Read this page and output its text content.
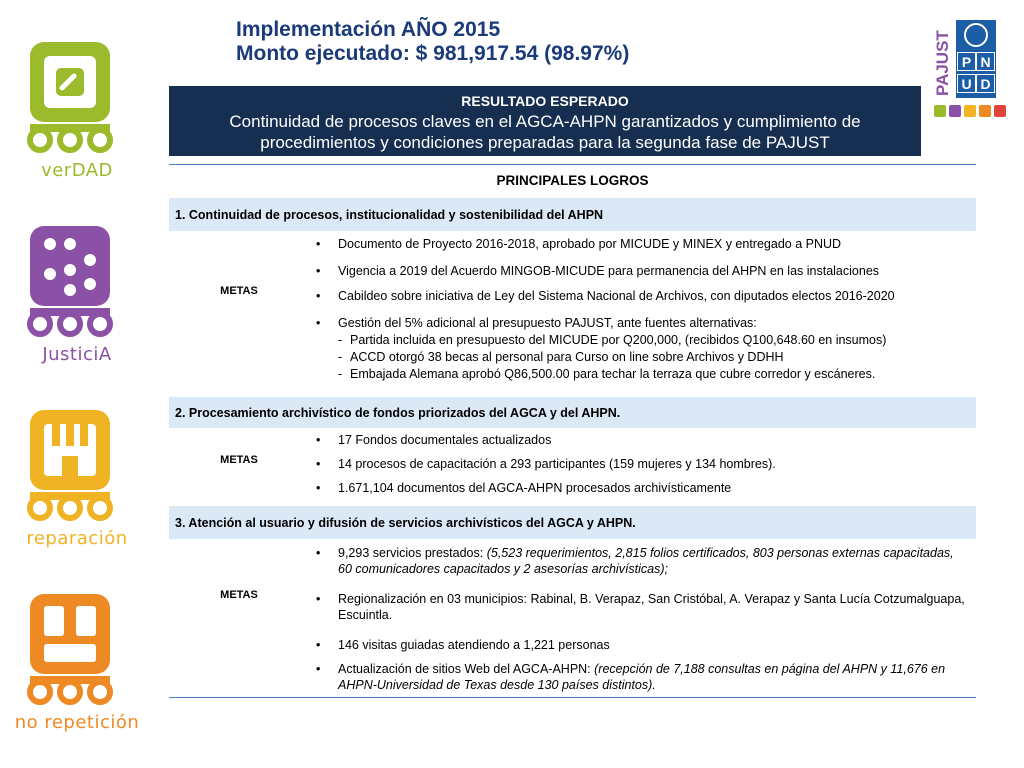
verDAD
JusticiA
reparación
no repetición
Implementación AÑO 2015
Monto ejecutado: $ 981,917.54 (98.97%)	PAJUST P N
U D
RESULTADO ESPERADO
Continuidad de procesos claves en el AGCA-AHPN garantizados y cumplimiento de procedimientos y condiciones preparadas para la segunda fase de PAJUST
PRINCIPALES LOGROS
1. Continuidad de procesos, institucionalidad y sostenibilidad del AHPN
METAS
• Documento de Proyecto 2016-2018, aprobado por MICUDE y MINEX y entregado a PNUD
• Vigencia a 2019 del Acuerdo MINGOB-MICUDE para permanencia del AHPN en las instalaciones
• Cabildeo sobre iniciativa de Ley del Sistema Nacional de Archivos, con diputados electos 2016-2020
• Gestión del 5% adicional al presupuesto PAJUST, ante fuentes alternativas:
- Partida incluida en presupuesto del MICUDE por Q200,000, (recibidos Q100,648.60 en insumos)
- ACCD otorgó 38 becas al personal para Curso on line sobre Archivos y DDHH
- Embajada Alemana aprobó Q86,500.00 para techar la terraza que cubre corredor y escáneres.
2. Procesamiento archivístico de fondos priorizados del AGCA y del AHPN.
METAS
• 17 Fondos documentales actualizados
• 14 procesos de capacitación a 293 participantes (159 mujeres y 134 hombres).
• 1.671,104 documentos del AGCA-AHPN procesados archivísticamente
3. Atención al usuario y difusión de servicios archivísticos del AGCA y AHPN.
METAS
• 9,293 servicios prestados: (5,523 requerimientos, 2,815 folios certificados, 803 personas externas capacitadas, 60 comunicadores capacitados y 2 asesorías archivísticas);
• Regionalización en 03 municipios: Rabinal, B. Verapaz, San Cristóbal, A. Verapaz y Santa Lucía Cotzumalguapa, Escuintla.
• 146 visitas guiadas atendiendo a 1,221 personas
• Actualización de sitios Web del AGCA-AHPN: (recepción de 7,188 consultas en página del AHPN y 11,676 en AHPN-Universidad de Texas desde 130 países distintos).
